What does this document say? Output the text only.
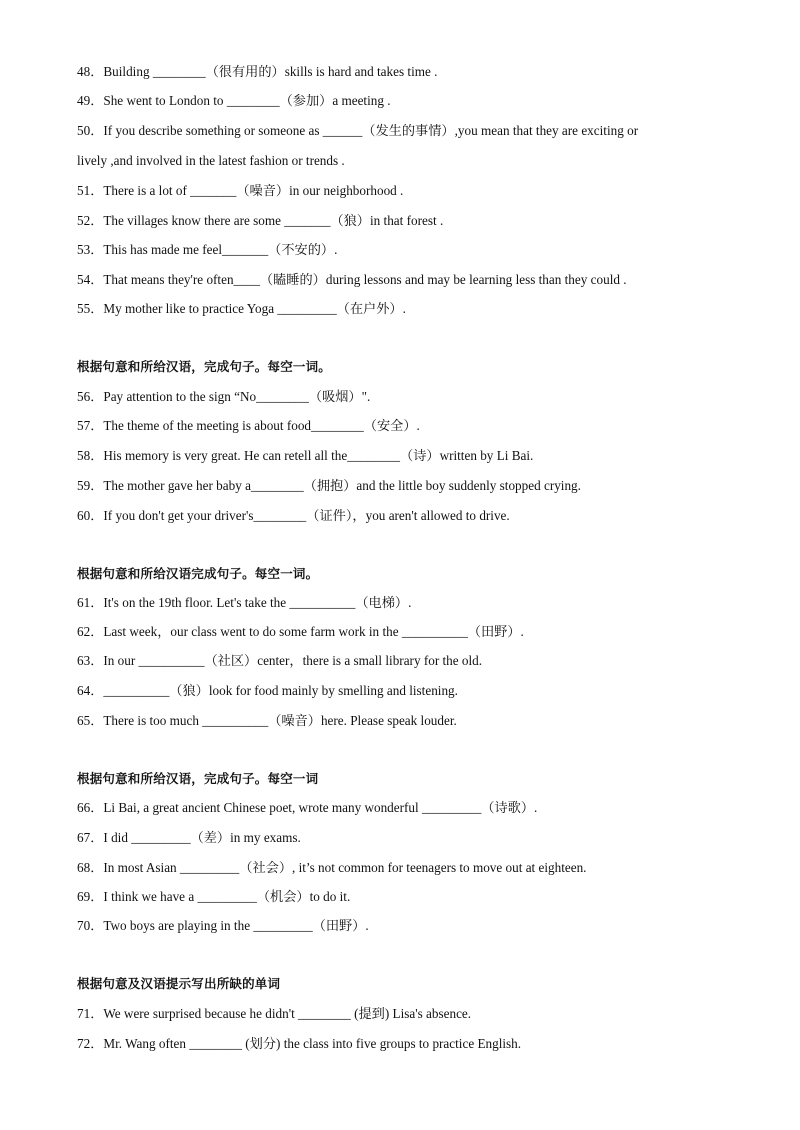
48．Building ________（很有用的）skills is hard and takes time .
49．She went to London to ________（参加）a meeting .
50．If you describe something or someone as ______（发生的事情）,you mean that they are exciting or
lively ,and involved in the latest fashion or trends .
51．There is a lot of _______（噪音）in our neighborhood .
52．The villages know there are some _______（狼）in that forest .
53．This has made me feel_______（不安的）.
54．That means they're often____（瞌睡的）during lessons and may be learning less than they could .
55．My mother like to practice Yoga _________（在户外）.
根据句意和所给汉语，完成句子。每空一词。
56．Pay attention to the sign “No________（吸烟）".
57．The theme of the meeting is about food________（安全）.
58．His memory is very great. He can retell all the________（诗）written by Li Bai.
59．The mother gave her baby a________（拥抱）and the little boy suddenly stopped crying.
60．If you don't get your driver's________（证件），you aren't allowed to drive.
根据句意和所给汉语完成句子。每空一词。
61．It's on the 19th floor. Let's take the __________（电梯）.
62．Last week，our class went to do some farm work in the __________（田野）.
63．In our __________（社区）center，there is a small library for the old.
64．__________（狼）look for food mainly by smelling and listening.
65．There is too much __________（噪音）here. Please speak louder.
根据句意和所给汉语，完成句子。每空一词
66．Li Bai, a great ancient Chinese poet, wrote many wonderful _________（诗歌）.
67．I did _________（差）in my exams.
68．In most Asian _________（社会）, it’s not common for teenagers to move out at eighteen.
69．I think we have a _________（机会）to do it.
70．Two boys are playing in the _________（田野）.
根据句意及汉语提示写出所缺的单词
71．We were surprised because he didn't ________ (提到) Lisa's absence.
72．Mr. Wang often ________ (划分) the class into five groups to practice English.
